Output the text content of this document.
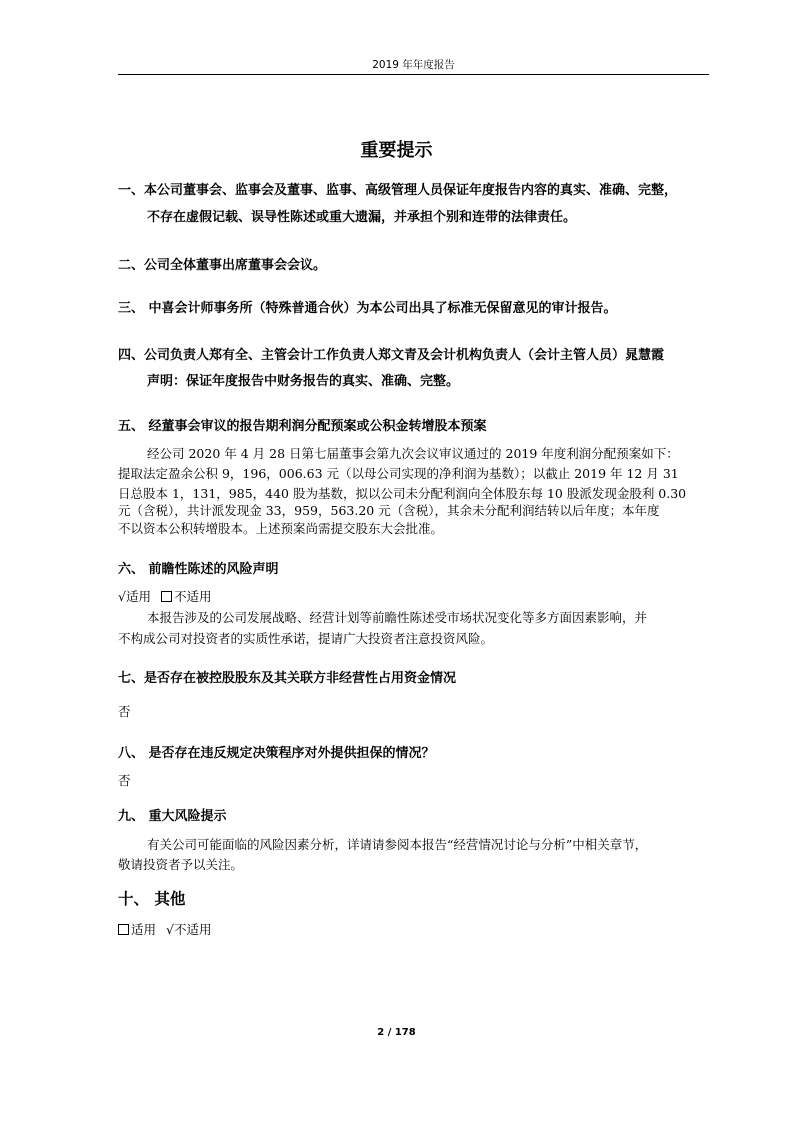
2019 年年度报告
重要提示
一、本公司董事会、监事会及董事、监事、高级管理人员保证年度报告内容的真实、准确、完整，
不存在虚假记载、误导性陈述或重大遗漏，并承担个别和连带的法律责任。
二、公司全体董事出席董事会会议。
三、 中喜会计师事务所（特殊普通合伙）为本公司出具了标准无保留意见的审计报告。
四、公司负责人郑有全、主管会计工作负责人郑文青及会计机构负责人（会计主管人员）晁慧霞
声明：保证年度报告中财务报告的真实、准确、完整。
五、 经董事会审议的报告期利润分配预案或公积金转增股本预案
经公司 2020 年 4 月 28 日第七届董事会第九次会议审议通过的 2019 年度利润分配预案如下：
提取法定盈余公积 9，196，006.63 元（以母公司实现的净利润为基数）；以截止 2019 年 12 月 31
日总股本 1，131，985，440 股为基数，拟以公司未分配利润向全体股东每 10 股派发现金股利 0.30
元（含税），共计派发现金 33，959，563.20 元（含税），其余未分配利润结转以后年度；本年度
不以资本公积转增股本。上述预案尚需提交股东大会批准。
六、 前瞻性陈述的风险声明
√适用 不适用
本报告涉及的公司发展战略、经营计划等前瞻性陈述受市场状况变化等多方面因素影响，并
不构成公司对投资者的实质性承诺，提请广大投资者注意投资风险。
七、是否存在被控股股东及其关联方非经营性占用资金情况
否
八、 是否存在违反规定决策程序对外提供担保的情况？
否
九、 重大风险提示
有关公司可能面临的风险因素分析，详请请参阅本报告“经营情况讨论与分析”中相关章节，
敬请投资者予以关注。
十、 其他
适用 √不适用
2 / 178
